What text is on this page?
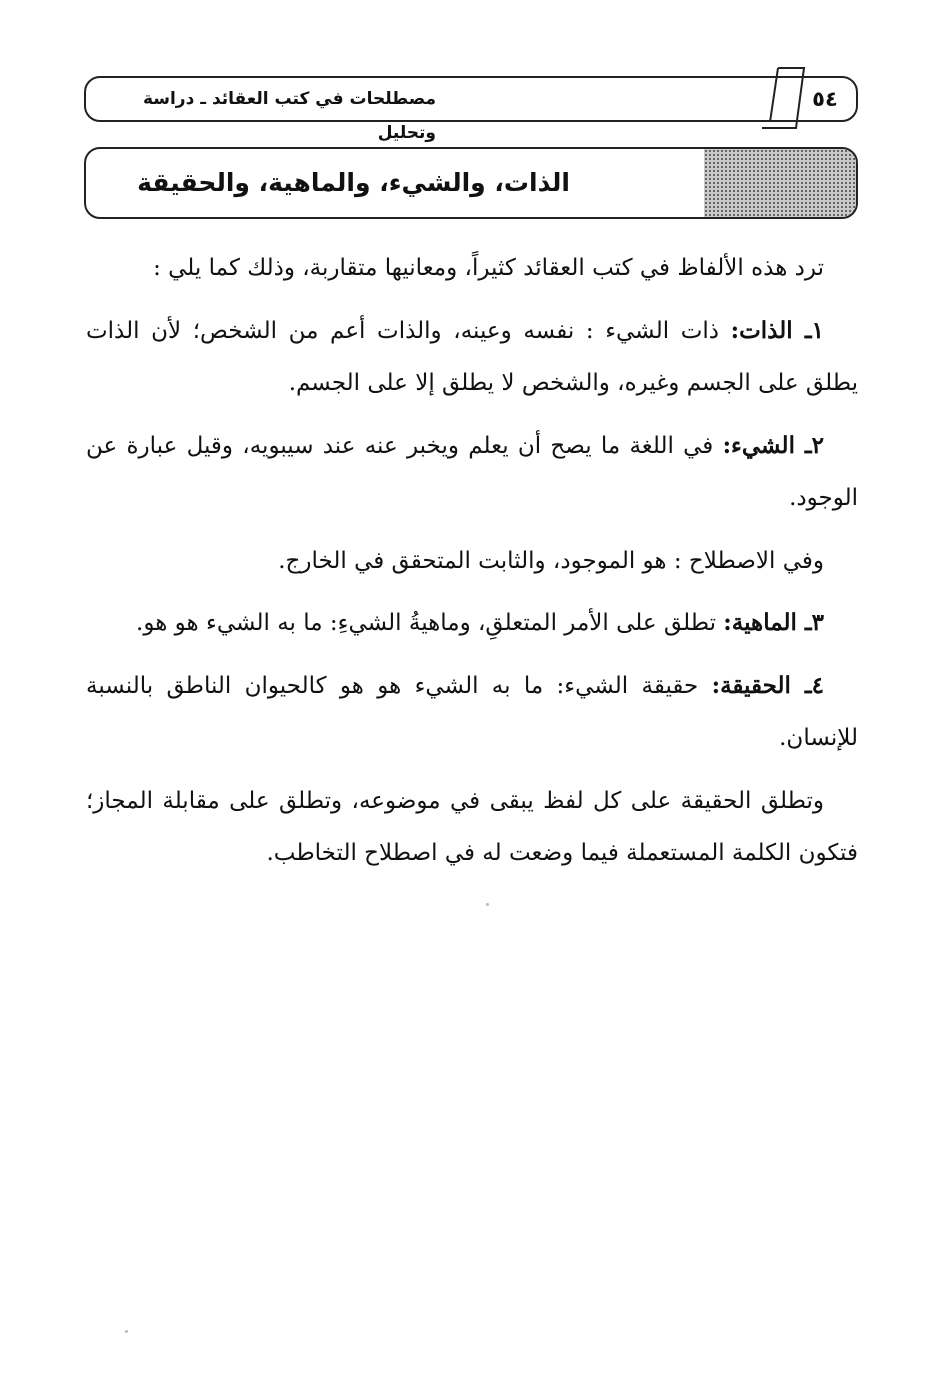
مصطلحات في كتب العقائد ـ دراسة وتحليل
٥٤
الذات، والشيء، والماهية، والحقيقة

ترد هذه الألفاظ في كتب العقائد كثيراً، ومعانيها متقاربة، وذلك كما يلي :

١ـ الذات: ذات الشيء : نفسه وعينه، والذات أعم من الشخص؛ لأن الذات يطلق على الجسم وغيره، والشخص لا يطلق إلا على الجسم.

٢ـ الشيء: في اللغة ما يصح أن يعلم ويخبر عنه عند سيبويه، وقيل عبارة عن الوجود.

وفي الاصطلاح : هو الموجود، والثابت المتحقق في الخارج.

٣ـ الماهية: تطلق على الأمر المتعلقِ، وماهيةُ الشيءِ: ما به الشيء هو هو.

٤ـ الحقيقة: حقيقة الشيء: ما به الشيء هو هو كالحيوان الناطق بالنسبة للإنسان.

وتطلق الحقيقة على كل لفظ يبقى في موضوعه، وتطلق على مقابلة المجاز؛ فتكون الكلمة المستعملة فيما وضعت له في اصطلاح التخاطب.
